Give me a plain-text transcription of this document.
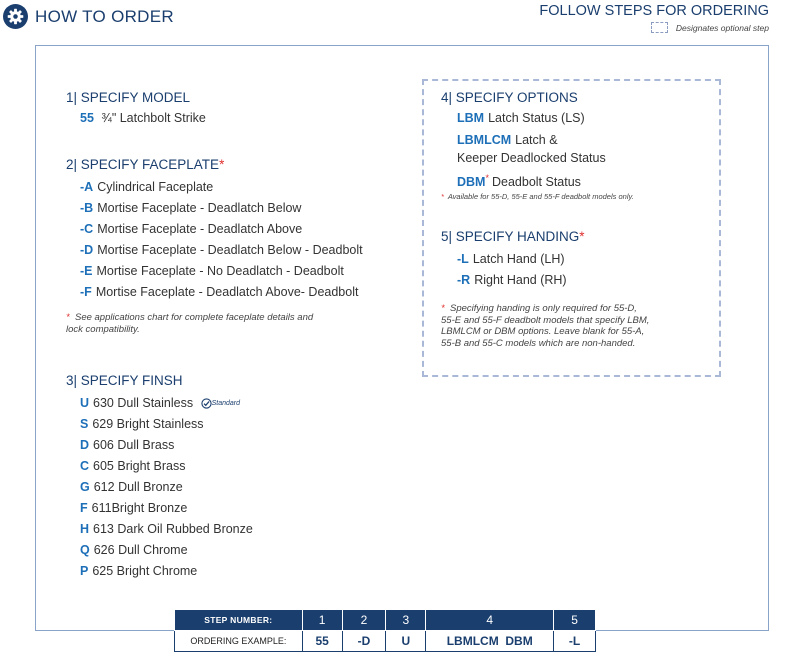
HOW TO ORDER	FOLLOW STEPS FOR ORDERING
Designates optional step
1| SPECIFY MODEL
55 ¾" Latchbolt Strike
2| SPECIFY FACEPLATE*
-A Cylindrical Faceplate
-B Mortise Faceplate - Deadlatch Below
-C Mortise Faceplate - Deadlatch Above
-D Mortise Faceplate - Deadlatch Below - Deadbolt
-E Mortise Faceplate - No Deadlatch - Deadbolt
-F Mortise Faceplate - Deadlatch Above- Deadbolt
* See applications chart for complete faceplate details and
lock compatibility.
3| SPECIFY FINSH
U 630 Dull Stainless	Standard
S 629 Bright Stainless
D 606 Dull Brass
C 605 Bright Brass
G 612 Dull Bronze
F 611Bright Bronze
H 613 Dark Oil Rubbed Bronze
Q 626 Dull Chrome
P 625 Bright Chrome
4| SPECIFY OPTIONS
LBM Latch Status (LS)
LBMLCM Latch &
Keeper Deadlocked Status
DBM* Deadbolt Status
* Available for 55-D, 55-E and 55-F deadbolt models only.
5| SPECIFY HANDING*
-L Latch Hand (LH)
-R Right Hand (RH)
* Specifying handing is only required for 55-D,
55-E and 55-F deadbolt models that specify LBM,
LBMLCM or DBM options. Leave blank for 55-A,
55-B and 55-C models which are non-handed.
STEP NUMBER:	1	2	3	4	5
ORDERING EXAMPLE:	55	-D	U	LBMLCM  DBM	-L
